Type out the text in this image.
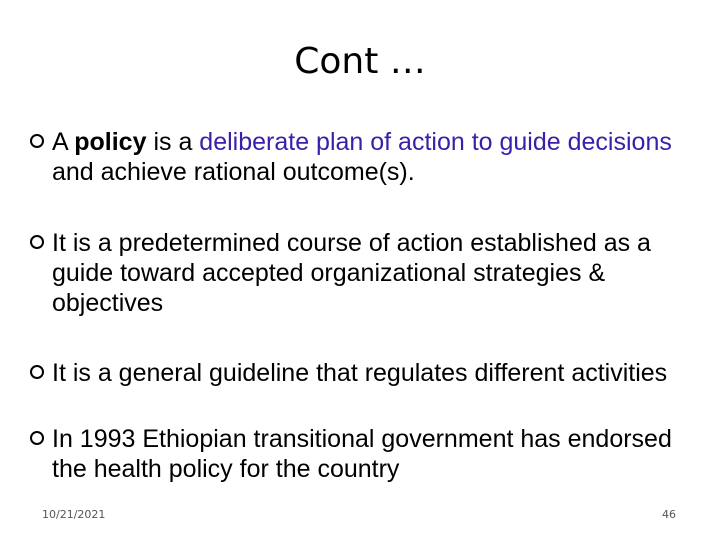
Cont …
A policy is a deliberate plan of action to guide decisions and achieve rational outcome(s).
It is a predetermined course of action established as a guide toward accepted organizational strategies & objectives
It is a general guideline that regulates different activities
In 1993 Ethiopian transitional government has endorsed the health policy for the country
10/21/2021	46
